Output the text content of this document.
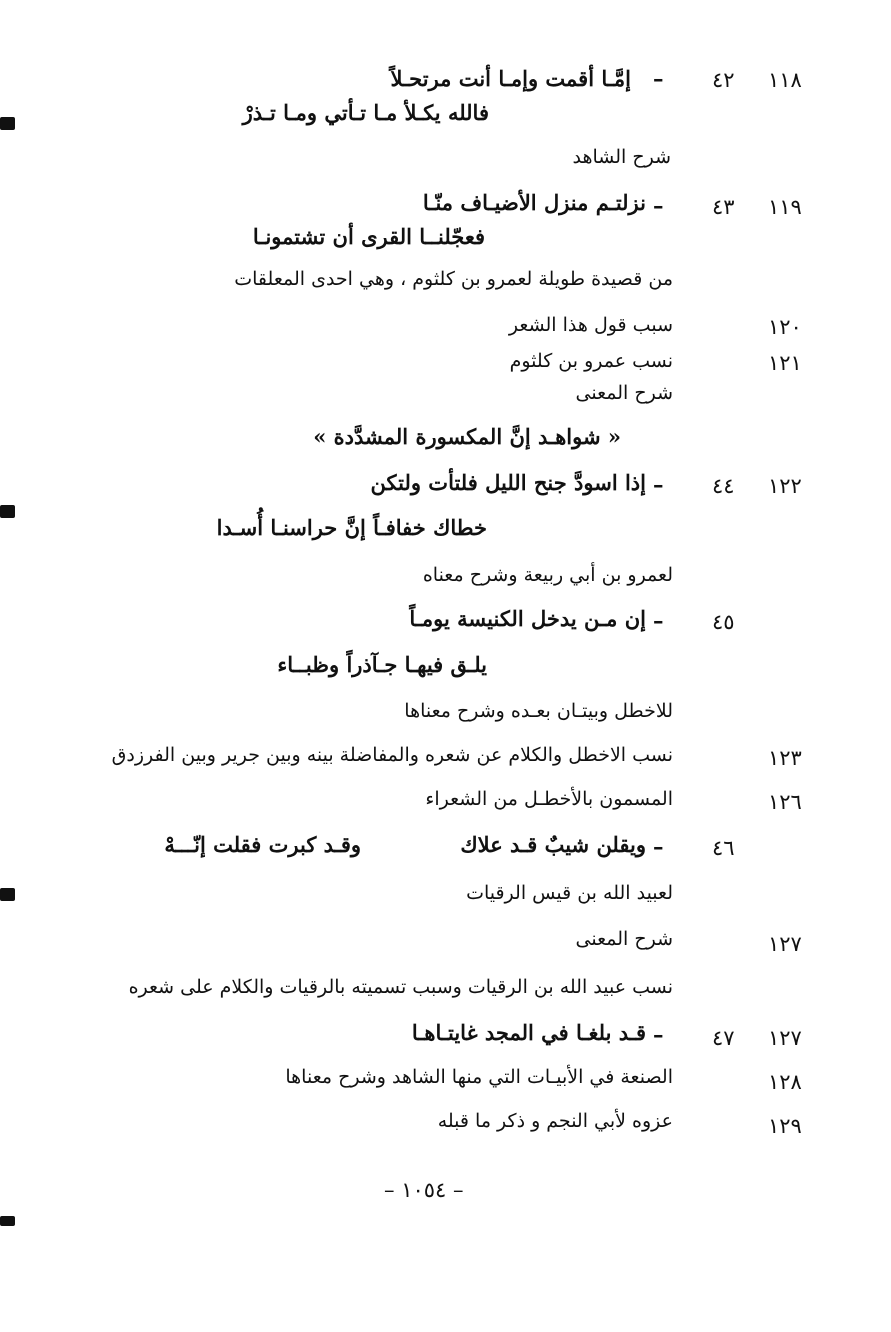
١١٨
٤٢
–
إمَّـا أقمت وإمـا أنت مرتحـلاً
فالله يكـلأ مـا تـأتي ومـا تـذرْ
شرح الشاهد
١١٩
٤٣
–
نزلتـم منزل الأضيـاف منّـا
فعجّلنــا القرى أن تشتمونـا
من قصيدة طويلة لعمرو بن كلثوم ، وهي احدى المعلقات
١٢٠
سبب قول هذا الشعر
١٢١
نسب عمرو بن كلثوم
شرح المعنى
« شواهـد إنَّ المكسورة المشدَّدة »
١٢٢
٤٤
–
إذا اسودَّ جنح الليل فلتأت ولتكن
خطاك خفافـاً إنَّ حراسنـا أُسـدا
لعمرو بن أبي ربيعة وشرح معناه
٤٥
–
إن مـن يدخل الكنيسة يومـاً
يلـق فيهـا جـآذراً وظبــاء
للاخطل وبيتـان بعـده وشرح معناها
١٢٣
نسب الاخطل والكلام عن شعره والمفاضلة بينه وبين جرير وبين الفرزدق
١٢٦
المسمون بالأخطـل من الشعراء
٤٦
–
ويقلن شيبٌ قـد علاك
وقـد كبرت فقلت إنّـــهْ
لعبيد الله بن قيس الرقيات
١٢٧
شرح المعنى
نسب عبيد الله بن الرقيات وسبب تسميته بالرقيات والكلام على شعره
١٢٧
٤٧
–
قـد بلغـا في المجد غايتـاهـا
١٢٨
الصنعة في الأبيـات التي منها الشاهد وشرح معناها
١٢٩
عزوه لأبي النجم و ذكر ما قبله
– ١٠٥٤ –
